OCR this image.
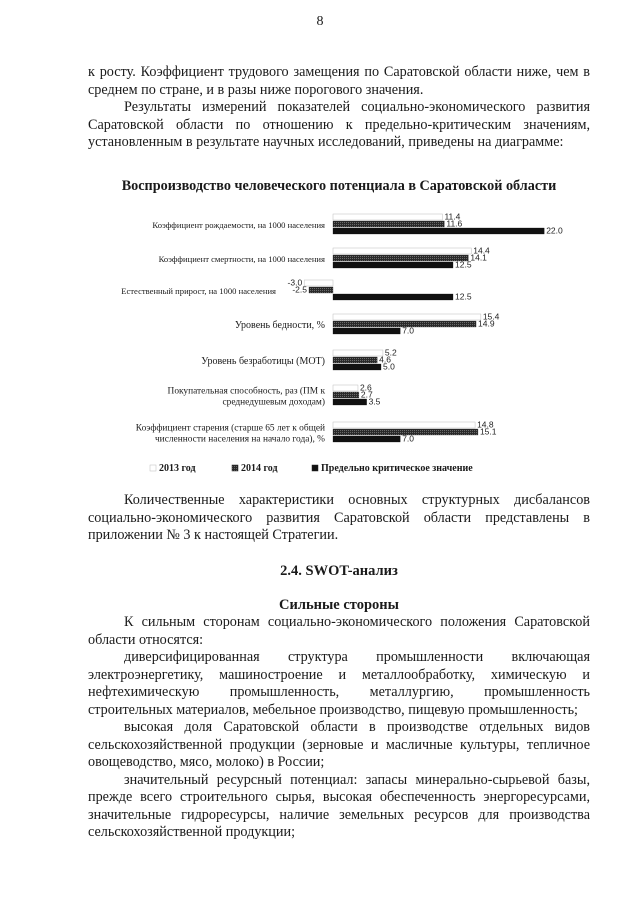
8

к росту. Коэффициент трудового замещения по Саратовской области ниже, чем в среднем по стране, и в разы ниже порогового значения.

Результаты измерений показателей социально-экономического развития Саратовской области по отношению к предельно-критическим значениям, установленным в результате научных исследований, приведены на диаграмме:

Воспроизводство человеческого потенциала в Саратовской области
11.4
11.6
22.0
Коэффициент рождаемости, на 1000 населения
14.4
14.1
12.5
Коэффициент смертности, на 1000 населения
-3.0
-2.5
12.5
Естественный прирост, на 1000 населения
15.4
14.9
7.0
Уровень бедности, %
5.2
4.6
5.0
Уровень безработицы (МОТ)
2.6
2.7
3.5
Покупательная способность, раз (ПМ к
среднедушевым доходам)
14.8
15.1
7.0
Коэффициент старения (старше 65 лет к общей
численности населения на начало года), %
2013 год	2014 год	Предельно критическое значение

Количественные характеристики основных структурных дисбалансов социально-экономического развития Саратовской области представлены в приложении № 3 к настоящей Стратегии.

2.4. SWOT-анализ
Сильные стороны

К сильным сторонам социально-экономического положения Саратовской области относятся:

диверсифицированная структура промышленности включающая электроэнергетику, машиностроение и металлообработку, химическую и нефтехимическую промышленность, металлургию, промышленность строительных материалов, мебельное производство, пищевую промышленность;

высокая доля Саратовской области в производстве отдельных видов сельскохозяйственной продукции (зерновые и масличные культуры, тепличное овощеводство, мясо, молоко) в России;

значительный ресурсный потенциал: запасы минерально-сырьевой базы, прежде всего строительного сырья, высокая обеспеченность энергоресурсами, значительные гидроресурсы, наличие земельных ресурсов для производства сельскохозяйственной продукции;
